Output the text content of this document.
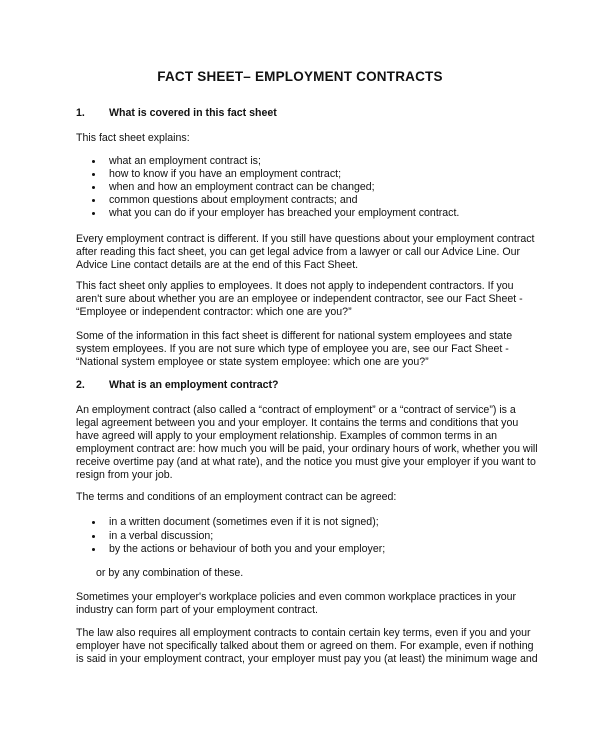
FACT SHEET– EMPLOYMENT CONTRACTS
1. What is covered in this fact sheet
This fact sheet explains:
what an employment contract is;
how to know if you have an employment contract;
when and how an employment contract can be changed;
common questions about employment contracts; and
what you can do if your employer has breached your employment contract.
Every employment contract is different. If you still have questions about your employment contract
after reading this fact sheet, you can get legal advice from a lawyer or call our Advice Line. Our
Advice Line contact details are at the end of this Fact Sheet.
This fact sheet only applies to employees. It does not apply to independent contractors. If you
aren't sure about whether you are an employee or independent contractor, see our Fact Sheet -
“Employee or independent contractor: which one are you?”
Some of the information in this fact sheet is different for national system employees and state
system employees. If you are not sure which type of employee you are, see our Fact Sheet -
“National system employee or state system employee: which one are you?”
2. What is an employment contract?
An employment contract (also called a “contract of employment” or a “contract of service”) is a
legal agreement between you and your employer. It contains the terms and conditions that you
have agreed will apply to your employment relationship. Examples of common terms in an
employment contract are: how much you will be paid, your ordinary hours of work, whether you will
receive overtime pay (and at what rate), and the notice you must give your employer if you want to
resign from your job.
The terms and conditions of an employment contract can be agreed:
in a written document (sometimes even if it is not signed);
in a verbal discussion;
by the actions or behaviour of both you and your employer;
or by any combination of these.
Sometimes your employer's workplace policies and even common workplace practices in your
industry can form part of your employment contract.
The law also requires all employment contracts to contain certain key terms, even if you and your
employer have not specifically talked about them or agreed on them. For example, even if nothing
is said in your employment contract, your employer must pay you (at least) the minimum wage and
